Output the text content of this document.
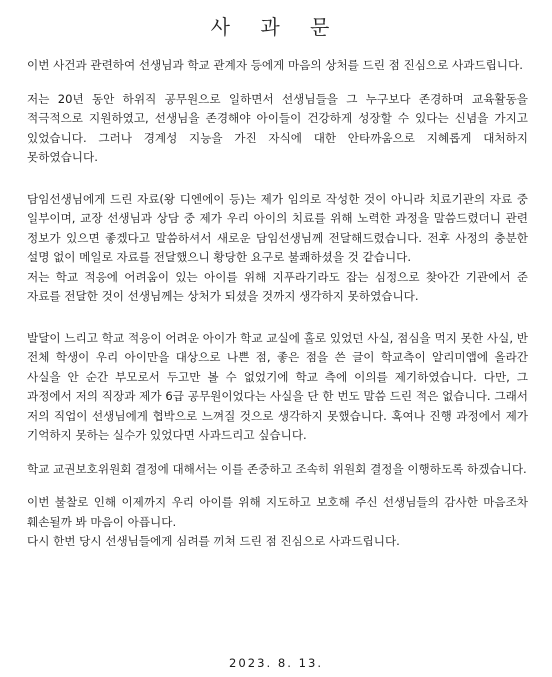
사 과 문

이번 사건과 관련하여 선생님과 학교 관계자 등에게 마음의 상처를 드린 점 진심으로 사과드립니다.

저는 20년 동안 하위직 공무원으로 일하면서 선생님들을 그 누구보다 존경하며 교육활동을 적극적으로 지원하였고, 선생님을 존경해야 아이들이 건강하게 성장할 수 있다는 신념을 가지고 있었습니다. 그러나 경계성 지능을 가진 자식에 대한 안타까움으로 지혜롭게 대처하지 못하였습니다.

담임선생님에게 드린 자료(왕 디엔에이 등)는 제가 임의로 작성한 것이 아니라 치료기관의 자료 중 일부이며, 교장 선생님과 상담 중 제가 우리 아이의 치료를 위해 노력한 과정을 말씀드렸더니 관련 정보가 있으면 좋겠다고 말씀하셔서 새로운 담임선생님께 전달해드렸습니다. 전후 사정의 충분한 설명 없이 메일로 자료를 전달했으니 황당한 요구로 불쾌하셨을 것 같습니다.

저는 학교 적응에 어려움이 있는 아이를 위해 지푸라기라도 잡는 심정으로 찾아간 기관에서 준 자료를 전달한 것이 선생님께는 상처가 되셨을 것까지 생각하지 못하였습니다.

발달이 느리고 학교 적응이 어려운 아이가 학교 교실에 홀로 있었던 사실, 점심을 먹지 못한 사실, 반 전체 학생이 우리 아이만을 대상으로 나쁜 점, 좋은 점을 쓴 글이 학교측이 알리미앱에 올라간 사실을 안 순간 부모로서 두고만 볼 수 없었기에 학교 측에 이의를 제기하였습니다. 다만, 그 과정에서 저의 직장과 제가 6급 공무원이었다는 사실을 단 한 번도 말씀 드린 적은 없습니다. 그래서 저의 직업이 선생님에게 협박으로 느껴질 것으로 생각하지 못했습니다. 혹여나 진행 과정에서 제가 기억하지 못하는 실수가 있었다면 사과드리고 싶습니다.

학교 교권보호위원회 결정에 대해서는 이를 존중하고 조속히 위원회 결정을 이행하도록 하겠습니다.

이번 불찰로 인해 이제까지 우리 아이를 위해 지도하고 보호해 주신 선생님들의 감사한 마음조차 훼손될까 봐 마음이 아픕니다.

다시 한번 당시 선생님들에게 심려를 끼쳐 드린 점 진심으로 사과드립니다.

2023. 8. 13.
